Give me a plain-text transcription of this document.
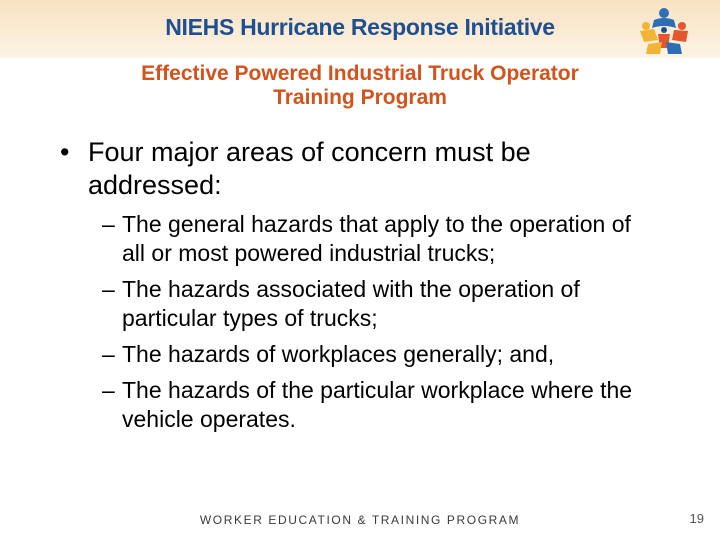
NIEHS Hurricane Response Initiative
Effective Powered Industrial Truck Operator
Training Program
• Four major areas of concern must be addressed:
– The general hazards that apply to the operation of all or most powered industrial trucks;
– The hazards associated with the operation of particular types of trucks;
– The hazards of workplaces generally; and,
– The hazards of the particular workplace where the vehicle operates.
WORKER EDUCATION & TRAINING PROGRAM	19
